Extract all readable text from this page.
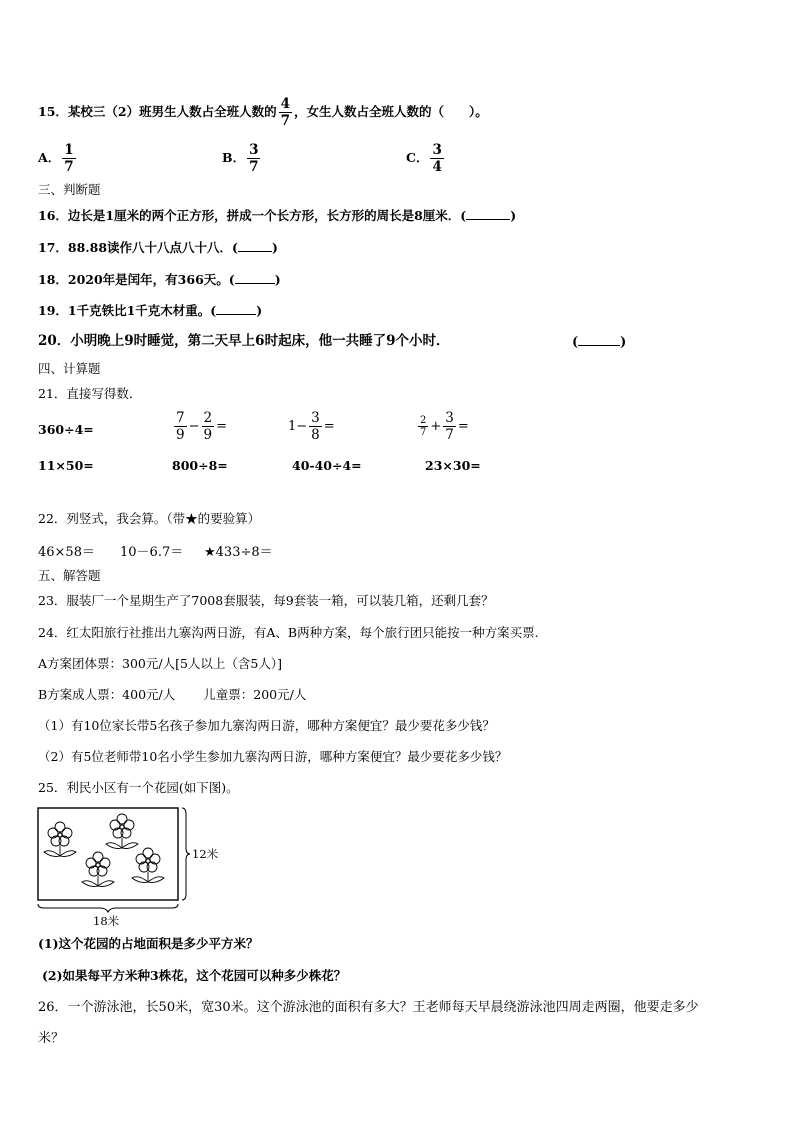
15．某校三（2）班男生人数占全班人数的 $\frac{4}{7}$ ，女生人数占全班人数的（　　）。
A． $\frac{1}{7}$	B． $\frac{3}{7}$	C． $\frac{3}{4}$
三、判断题
16．边长是1厘米的两个正方形，拼成一个长方形，长方形的周长是8厘米．(	)
17．88.88读作八十八点八十八．(	)
18．2020年是闰年，有366天。(	)
19．1千克铁比1千克木材重。(	)
20．小明晚上9时睡觉，第二天早上6时起床，他一共睡了9个小时．	(	)
四、计算题
21．直接写得数．
360÷4=	$\frac{7}{9} - \frac{2}{9}$ =	$1- \frac{3}{8}$ =	$\frac{2}{7} + \frac{3}{7}$ =
11×50=	800÷8=	40-40÷4=	23×30=
22．列竖式，我会算。（带★的要验算）
46×58＝ 10－6.7＝ ★433÷8＝
五、解答题
23．服装厂一个星期生产了7008套服装，每9套装一箱，可以装几箱，还剩几套？
24．红太阳旅行社推出九寨沟两日游，有A、B两种方案，每个旅行团只能按一种方案买票.
A方案团体票：300元/人[5人以上（含5人）]
B方案成人票：400元/人 儿童票：200元/人
（1）有10位家长带5名孩子参加九寨沟两日游，哪种方案便宜？最少要花多少钱？
（2）有5位老师带10名小学生参加九寨沟两日游，哪种方案便宜？最少要花多少钱？
25．利民小区有一个花园(如下图)。
12米
18米
(1)这个花园的占地面积是多少平方米？
(2)如果每平方米种3株花，这个花园可以种多少株花？
26．一个游泳池，长50米，宽30米。这个游泳池的面积有多大？王老师每天早晨绕游泳池四周走两圈，他要走多少
米？
